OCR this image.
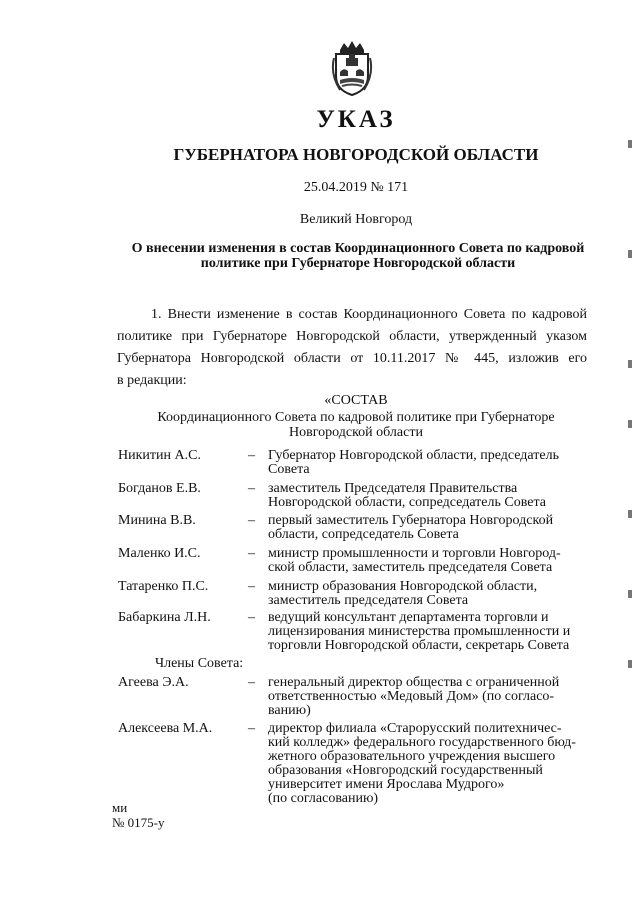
УКАЗ
ГУБЕРНАТОРА НОВГОРОДСКОЙ ОБЛАСТИ
25.04.2019 № 171
Великий Новгород
О внесении изменения в состав Координационного Совета по кадровой
политике при Губернаторе Новгородской области
1. Внести изменение в состав Координационного Совета по кадровой
политике при Губернаторе Новгородской области, утвержденный указом
Губернатора Новгородской области от 10.11.2017 № 445, изложив его
в редакции:
«СОСТАВ
Координационного Совета по кадровой политике при Губернаторе
Новгородской области
Никитин А.С.	– Губернатор Новгородской области, председатель
Совета
Богданов Е.В.	– заместитель Председателя Правительства
Новгородской области, сопредседатель Совета
Минина В.В.	– первый заместитель Губернатора Новгородской
области, сопредседатель Совета
Маленко И.С.	– министр промышленности и торговли Новгород-
ской области, заместитель председателя Совета
Татаренко П.С.	– министр образования Новгородской области,
заместитель председателя Совета
Бабаркина Л.Н.	– ведущий консультант департамента торговли и
лицензирования министерства промышленности и
торговли Новгородской области, секретарь Совета
Члены Совета:
Агеева Э.А.	– генеральный директор общества с ограниченной
ответственностью «Медовый Дом» (по согласо-
ванию)
Алексеева М.А.	– директор филиала «Старорусский политехничес-
кий колледж» федерального государственного бюд-
жетного образовательного учреждения высшего
образования «Новгородский государственный
университет имени Ярослава Мудрого»
(по согласованию)
ми
№ 0175-у
